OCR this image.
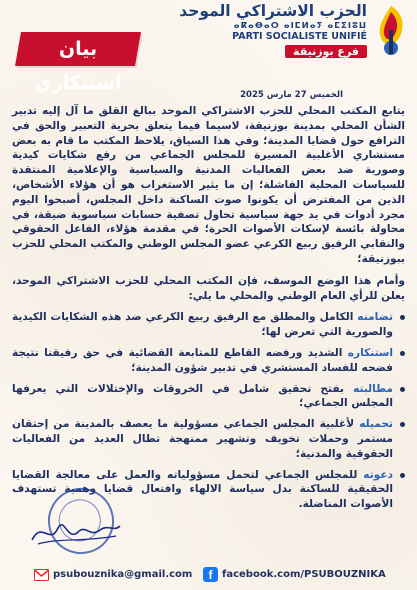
الحزب الاشتراكي الموحد
ⴰⴽⴰⴱⴰⵔ ⴰⵏⵎⵍⴰⵢ ⴰⵎⵉⵏⵓⵡ
PARTI SOCIALISTE UNIFIÉ
فرع بوزنيقة
بيان استنكاري
الخميس 27 مارس 2025

يتابع المكتب المحلي للحزب الاشتراكي الموحد ببالغ القلق ما آل إليه تدبير الشأن المحلي بمدينة بوزنيقة، لاسيما فيما يتعلق بحرية التعبير والحق في الترافع حول قضايا المدينة؛ وفي هذا السياق، يلاحظ المكتب ما قام به بعض مستشاري الأغلبية المسيرة للمجلس الجماعي من رفع شكايات كيدية وصورية ضد بعض الفعاليات المدنية والسياسية والإعلامية المنتقدة للسياسات المحلية الفاشلة؛ إن ما يثير الاستغراب هو أن هؤلاء الأشخاص، الذين من المفترض أن يكونوا صوت الساكنة داخل المجلس، أصبحوا اليوم مجرد أدوات في يد جهة سياسية تحاول تصفية حسابات سياسوية ضيقة، في محاولة بائسة لإسكات الأصوات الحرة؛ في مقدمة هؤلاء، الفاعل الحقوقي والنقابي الرفيق ربيع الكرعي عضو المجلس الوطني والمكتب المحلي للحزب ببوزنيقة؛

وأمام هذا الوضع الموسف، فإن المكتب المحلي للحزب الاشتراكي الموحد، يعلن للرأي العام الوطني والمحلي ما يلي:

تضامنه الكامل والمطلق مع الرفيق ربيع الكرعي ضد هذه الشكايات الكيدية والصورية التي تعرض لها؛
استنكاره الشديد ورفضه القاطع للمتابعة القضائية في حق رفيقنا نتيجة فضحه للفساد المستشري في تدبير شؤون المدينة؛
مطالبته بفتح تحقيق شامل في الخروقات والإختلالات التي يعرفها المجلس الجماعي؛
تحميله لأغلبية المجلس الجماعي مسؤولية ما يعصف بالمدينة من إحتقان مستمر وحملات تخويف وتشهير ممنهجة تطال العديد من الفعاليات الحقوقية والمدنية؛
دعوته للمجلس الجماعي لتحمل مسؤولياته والعمل على معالجة القضايا الحقيقية للساكنة بدل سياسة الالهاء وافتعال قضايا وهمية تستهدف الأصوات المناضلة.
psubouznika@gmail.com	f facebook.com/PSUBOUZNIKA
